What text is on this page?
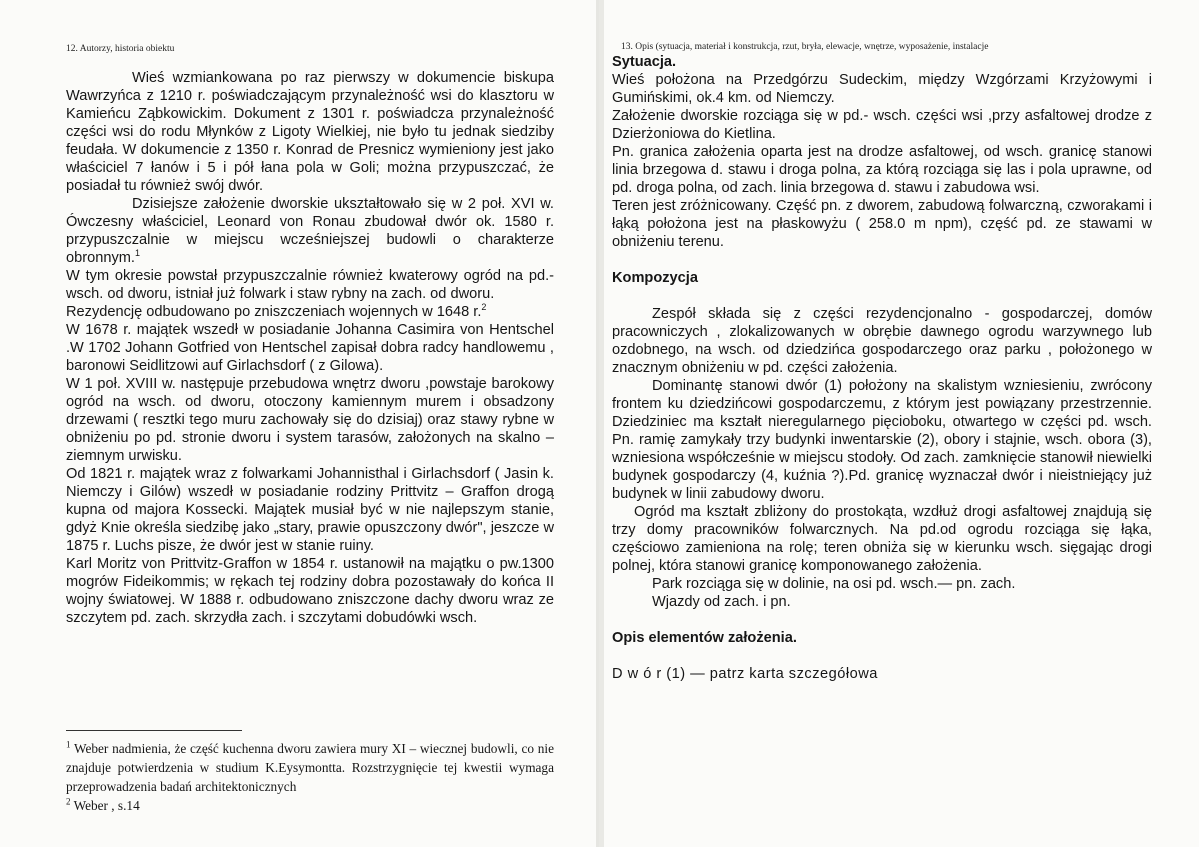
12. Autorzy, historia obiektu

Wieś wzmiankowana po raz pierwszy w dokumencie biskupa Wawrzyńca z 1210 r. poświadczającym przynależność wsi do klasztoru w Kamieńcu Ząbkowickim. Dokument z 1301 r. poświadcza przynależność części wsi do rodu Młynków z Ligoty Wielkiej, nie było tu jednak siedziby feudała. W dokumencie z 1350 r. Konrad de Presnicz wymieniony jest jako właściciel 7 łanów i 5 i pół łana pola w Goli; można przypuszczać, że posiadał tu również swój dwór.

Dzisiejsze założenie dworskie ukształtowało się w 2 poł. XVI w. Ówczesny właściciel, Leonard von Ronau zbudował dwór ok. 1580 r. przypuszczalnie w miejscu wcześniejszej budowli o charakterze obronnym.$^1$

W tym okresie powstał przypuszczalnie również kwaterowy ogród na pd.- wsch. od dworu, istniał już folwark i staw rybny na zach. od dworu.

Rezydencję odbudowano po zniszczeniach wojennych w 1648 r.$^2$

W 1678 r. majątek wszedł w posiadanie Johanna Casimira von Hentschel .W 1702 Johann Gotfried von Hentschel zapisał dobra radcy handlowemu , baronowi Seidlitzowi auf Girlachsdorf ( z Gilowa).

W 1 poł. XVIII w. następuje przebudowa wnętrz dworu ,powstaje barokowy ogród na wsch. od dworu, otoczony kamiennym murem i obsadzony drzewami ( resztki tego muru zachowały się do dzisiaj) oraz stawy rybne w obniżeniu po pd. stronie dworu i system tarasów, założonych na skalno – ziemnym urwisku.

Od 1821 r. majątek wraz z folwarkami Johannisthal i Girlachsdorf ( Jasin k. Niemczy i Gilów) wszedł w posiadanie rodziny Prittvitz – Graffon drogą kupna od majora Kossecki. Majątek musiał być w nie najlepszym stanie, gdyż Knie określa siedzibę jako „stary, prawie opuszczony dwór", jeszcze w 1875 r. Luchs pisze, że dwór jest w stanie ruiny.

Karl Moritz von Prittvitz-Graffon w 1854 r. ustanowił na majątku o pw.1300 mogrów Fideikommis; w rękach tej rodziny dobra pozostawały do końca II wojny światowej. W 1888 r. odbudowano zniszczone dachy dworu wraz ze szczytem pd. zach. skrzydła zach. i szczytami dobudówki wsch.

$^1$ Weber nadmienia, że część kuchenna dworu zawiera mury XI – wiecznej budowli, co nie znajduje potwierdzenia w studium K.Eysymontta. Rozstrzygnięcie tej kwestii wymaga przeprowadzenia badań architektonicznych

$^2$ Weber , s.14

13. Opis (sytuacja, materiał i konstrukcja, rzut, bryła, elewacje, wnętrze, wyposażenie, instalacje
Sytuacja.

Wieś położona na Przedgórzu Sudeckim, między Wzgórzami Krzyżowymi i Gumińskimi, ok.4 km. od Niemczy.

Założenie dworskie rozciąga się w pd.- wsch. części wsi ,przy asfaltowej drodze z Dzierżoniowa do Kietlina.

Pn. granica założenia oparta jest na drodze asfaltowej, od wsch. granicę stanowi linia brzegowa d. stawu i droga polna, za którą rozciąga się las i pola uprawne, od pd. droga polna, od zach. linia brzegowa d. stawu i zabudowa wsi.

Teren jest zróżnicowany. Część pn. z dworem, zabudową folwarczną, czworakami i łąką położona jest na płaskowyżu ( 258.0 m npm), część pd. ze stawami w obniżeniu terenu.

Kompozycja

Zespół składa się z części rezydencjonalno - gospodarczej, domów pracowniczych , zlokalizowanych w obrębie dawnego ogrodu warzywnego lub ozdobnego, na wsch. od dziedzińca gospodarczego oraz parku , położonego w znacznym obniżeniu w pd. części założenia.

Dominantę stanowi dwór (1) położony na skalistym wzniesieniu, zwrócony frontem ku dziedzińcowi gospodarczemu, z którym jest powiązany przestrzennie. Dziedziniec ma kształt nieregularnego pięcioboku, otwartego w części pd. wsch. Pn. ramię zamykały trzy budynki inwentarskie (2), obory i stajnie, wsch. obora (3), wzniesiona współcześnie w miejscu stodoły. Od zach. zamknięcie stanowił niewielki budynek gospodarczy (4, kuźnia ?).Pd. granicę wyznaczał dwór i nieistniejący już budynek w linii zabudowy dworu.

Ogród ma kształt zbliżony do prostokąta, wzdłuż drogi asfaltowej znajdują się trzy domy pracowników folwarcznych. Na pd.od ogrodu rozciąga się łąka, częściowo zamieniona na rolę; teren obniża się w kierunku wsch. sięgając drogi polnej, która stanowi granicę komponowanego założenia.

Park rozciąga się w dolinie, na osi pd. wsch.— pn. zach.

Wjazdy od zach. i pn.

Opis elementów założenia.

D w ó r (1) — patrz karta szczegółowa
